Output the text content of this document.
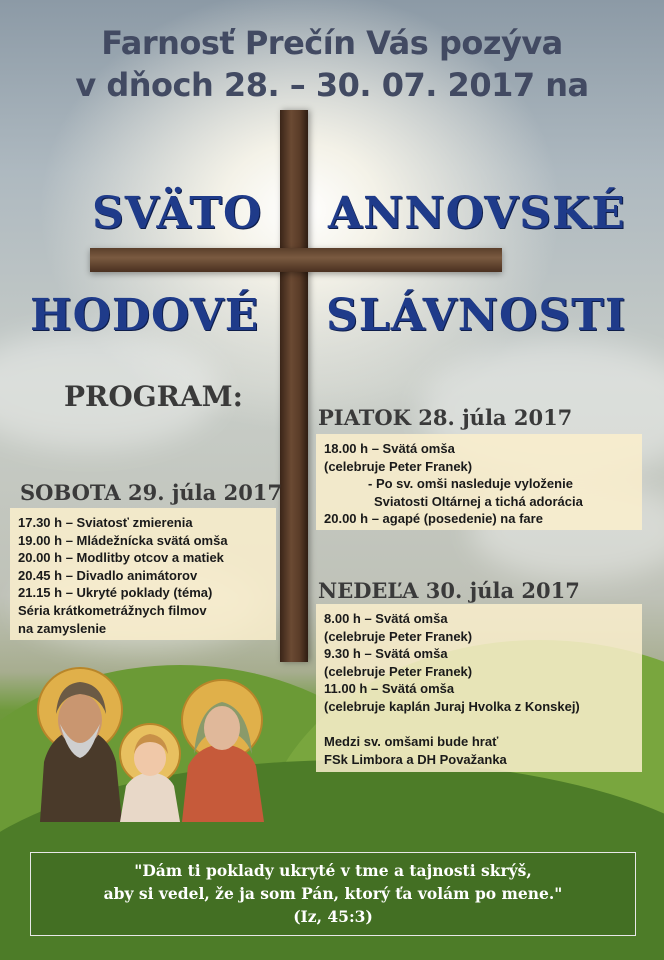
Farnosť Prečín Vás pozýva
v dňoch 28. – 30. 07. 2017 na
SVÄTO ANNOVSKÉ
HODOVÉ SLÁVNOSTI
PROGRAM:
PIATOK 28. júla 2017
18.00 h – Svätá omša
(celebruje Peter Franek)
- Po sv. omši nasleduje vyloženie
Sviatosti Oltárnej a tichá adorácia
20.00 h – agapé (posedenie) na fare
SOBOTA 29. júla 2017
17.30 h – Sviatosť zmierenia
19.00 h – Mládežnícka svätá omša
20.00 h – Modlitby otcov a matiek
20.45 h – Divadlo animátorov
21.15 h – Ukryté poklady (téma)
Séria krátkometrážnych filmov
na zamyslenie
NEDEĽA 30. júla 2017
8.00 h – Svätá omša
(celebruje Peter Franek)
9.30 h – Svätá omša
(celebruje Peter Franek)
11.00 h – Svätá omša
(celebruje kaplán Juraj Hvolka z Konskej)
Medzi sv. omšami bude hrať
FSk Limbora a DH Považanka
"Dám ti poklady ukryté v tme a tajnosti skrýš,
aby si vedel, že ja som Pán, ktorý ťa volám po mene."
(Iz, 45:3)
